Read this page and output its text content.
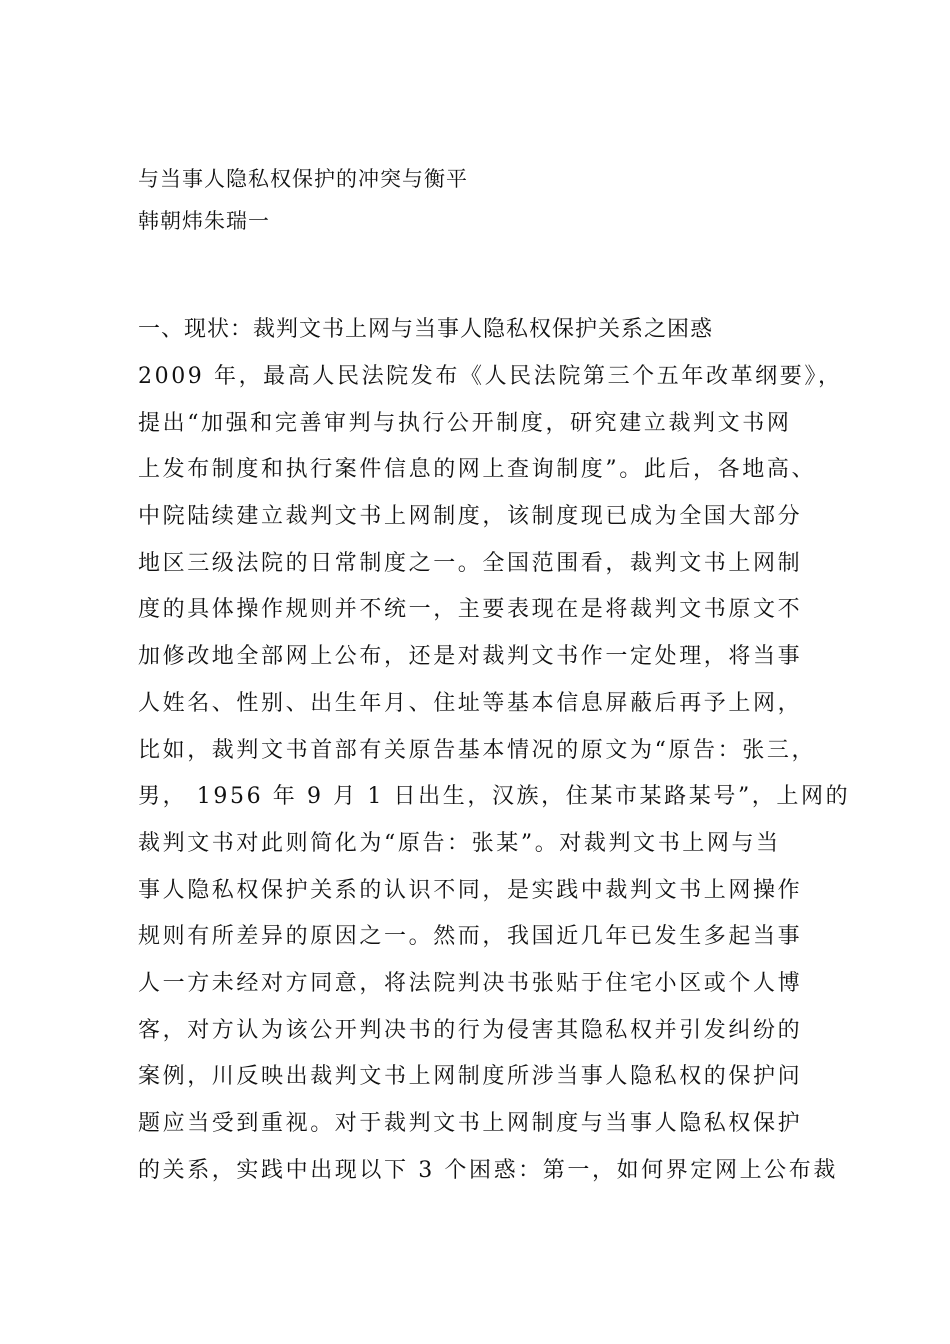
与当事人隐私权保护的冲突与衡平
韩朝炜朱瑞一
一、现状：裁判文书上网与当事人隐私权保护关系之困惑
2009 年，最高人民法院发布《人民法院第三个五年改革纲要》，
提出“加强和完善审判与执行公开制度，研究建立裁判文书网
上发布制度和执行案件信息的网上查询制度”。此后，各地高、
中院陆续建立裁判文书上网制度，该制度现已成为全国大部分
地区三级法院的日常制度之一。全国范围看，裁判文书上网制
度的具体操作规则并不统一，主要表现在是将裁判文书原文不
加修改地全部网上公布，还是对裁判文书作一定处理，将当事
人姓名、性别、出生年月、住址等基本信息屏蔽后再予上网，
比如，裁判文书首部有关原告基本情况的原文为“原告：张三，
男， 1956 年 9 月 1 日出生，汉族，住某市某路某号”，上网的
裁判文书对此则简化为“原告：张某”。对裁判文书上网与当
事人隐私权保护关系的认识不同，是实践中裁判文书上网操作
规则有所差异的原因之一。然而，我国近几年已发生多起当事
人一方未经对方同意，将法院判决书张贴于住宅小区或个人博
客，对方认为该公开判决书的行为侵害其隐私权并引发纠纷的
案例，川反映出裁判文书上网制度所涉当事人隐私权的保护问
题应当受到重视。对于裁判文书上网制度与当事人隐私权保护
的关系，实践中出现以下 3 个困惑：第一，如何界定网上公布裁
